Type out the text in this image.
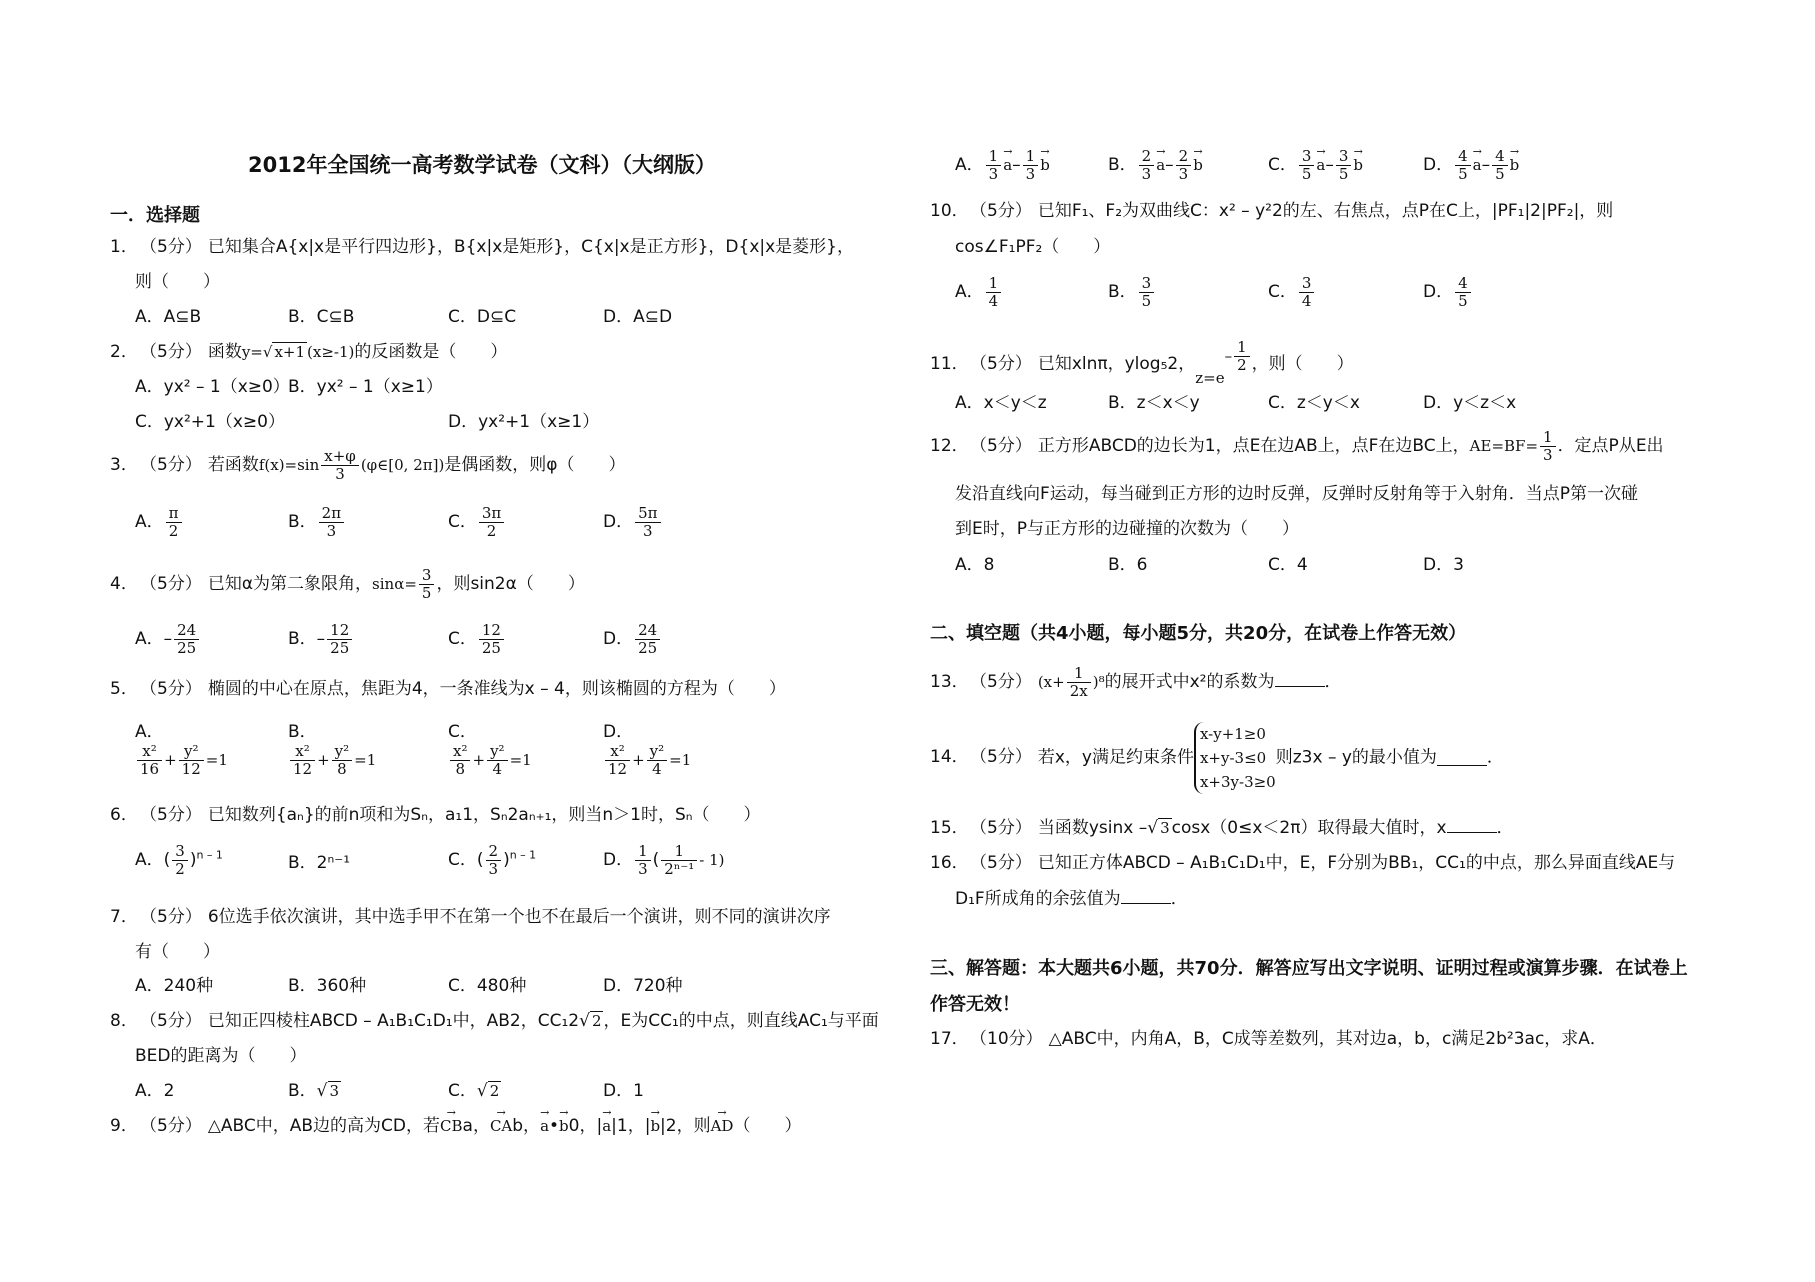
2012年全国统一高考数学试卷（文科）（大纲版）
一．选择题
1． （5分） 已知集合A{x|x是平行四边形}，B{x|x是矩形}，C{x|x是正方形}，D{x|x是菱形}，
则（　　）
A．A⊆B	B．C⊆B	C．D⊆C	D．A⊆D
2． （5分） 函数y=√ x+1 (x≥-1)的反函数是（　　）
A．yx² – 1（x≥0）
B．yx² – 1（x≥1）
C．yx²+1（x≥0）	D．yx²+1（x≥1）
3． （5分） 若函数$f(x)=\sin \frac{x+\varphi}{3}$ (φ∈[0, 2π])是偶函数，则φ（　　）
A． $\frac{\pi}{2}$	B． $\frac{2\pi}{3}$	C． $\frac{3\pi}{2}$	D． $\frac{5\pi}{3}$
4． （5分） 已知α为第二象限角，$\sin\alpha= \frac{3}{5}$ ，则sin2α（　　）
A．– $\frac{24}{25}$	B．– $\frac{12}{25}$	C． $\frac{12}{25}$	D． $\frac{24}{25}$
5． （5分） 椭圆的中心在原点，焦距为4，一条准线为x – 4，则该椭圆的方程为（　　）
A．

$\frac{\text{x²}}{16} + \frac{\text{y²}}{12} =1$
B．

$\frac{\text{x²}}{12} + \frac{\text{y²}}{8} =1$
C．

$\frac{\text{x²}}{8} + \frac{\text{y²}}{4} =1$
D．

$\frac{\text{x²}}{12} + \frac{\text{y²}}{4} =1$
6． （5分） 已知数列{aₙ}的前n项和为Sₙ，a₁1，Sₙ2aₙ₊₁，则当n＞1时，Sₙ（　　）
A．( $\frac{3}{2} )^{n - 1}$	B．2ⁿ⁻¹	C．( $\frac{2}{3} )^{n - 1}$	D． $\frac{1}{3}$ ( $\frac{1}{\text{2ⁿ⁻¹}} - 1$)
7． （5分） 6位选手依次演讲，其中选手甲不在第一个也不在最后一个演讲，则不同的演讲次序
有（　　）
A．240种	B．360种	C．480种	D．720种
8． （5分） 已知正四棱柱ABCD – A₁B₁C₁D₁中，AB2，CC₁2√ 2 ，E为CC₁的中点，则直线AC₁与平面
BED的距离为（　　）
A．2	B．√ 3	C．√ 2	D．1
9． （5分） △ABC中，AB边的高为CD，若→ CBa，→ CAb，→ a•→ b0，|→ a|1，|→ b|2，则→ AD（　　）
A． $\frac{1}{3}$
→ $a- \frac{1}{3}$
→ b	B． $\frac{2}{3}$
→ $a- \frac{2}{3}$
→ b	C． $\frac{3}{5}$
→ $a- \frac{3}{5}$
→ b	D． $\frac{4}{5}$
→ $a- \frac{4}{5}$
→ b
10．（5分） 已知F₁、F₂为双曲线C：x² – y²2的左、右焦点，点P在C上，|PF₁|2|PF₂|，则
cos∠F₁PF₂（　　）
A． $\frac{1}{4}$	B． $\frac{3}{5}$	C． $\frac{3}{4}$	D． $\frac{4}{5}$
11．（5分） 已知xlnπ，ylog₅2，$z=e- \frac{1}{2}$ ，则（　　）
A．x＜y＜z	B．z＜x＜y	C．z＜y＜x	D．y＜z＜x
12．（5分） 正方形ABCD的边长为1，点E在边AB上，点F在边BC上，$AE=BF= \frac{1}{3}$ ．定点P从E出
发沿直线向F运动，每当碰到正方形的边时反弹，反弹时反射角等于入射角．当点P第一次碰
到E时，P与正方形的边碰撞的次数为（　　）
A．8	B．6	C．4	D．3
二、填空题（共4小题，每小题5分，共20分，在试卷上作答无效）
13．（5分） $(x+ \frac{1}{2x} )^8$的展开式中x²的系数为	．
14．（5分） 若x，y满足约束条件x-y+1≥0
x+y-3≤0
x+3y-3≥0则z3x – y的最小值为	．
15．（5分） 当函数ysinx –√ 3 cosx（0≤x＜2π）取得最大值时，x	．
16．（5分） 已知正方体ABCD – A₁B₁C₁D₁中，E，F分别为BB₁，CC₁的中点，那么异面直线AE与
D₁F所成角的余弦值为	．
三、解答题：本大题共6小题，共70分．解答应写出文字说明、证明过程或演算步骤．在试卷上
作答无效！
17．（10分） △ABC中，内角A，B，C成等差数列，其对边a，b，c满足2b²3ac，求A．
